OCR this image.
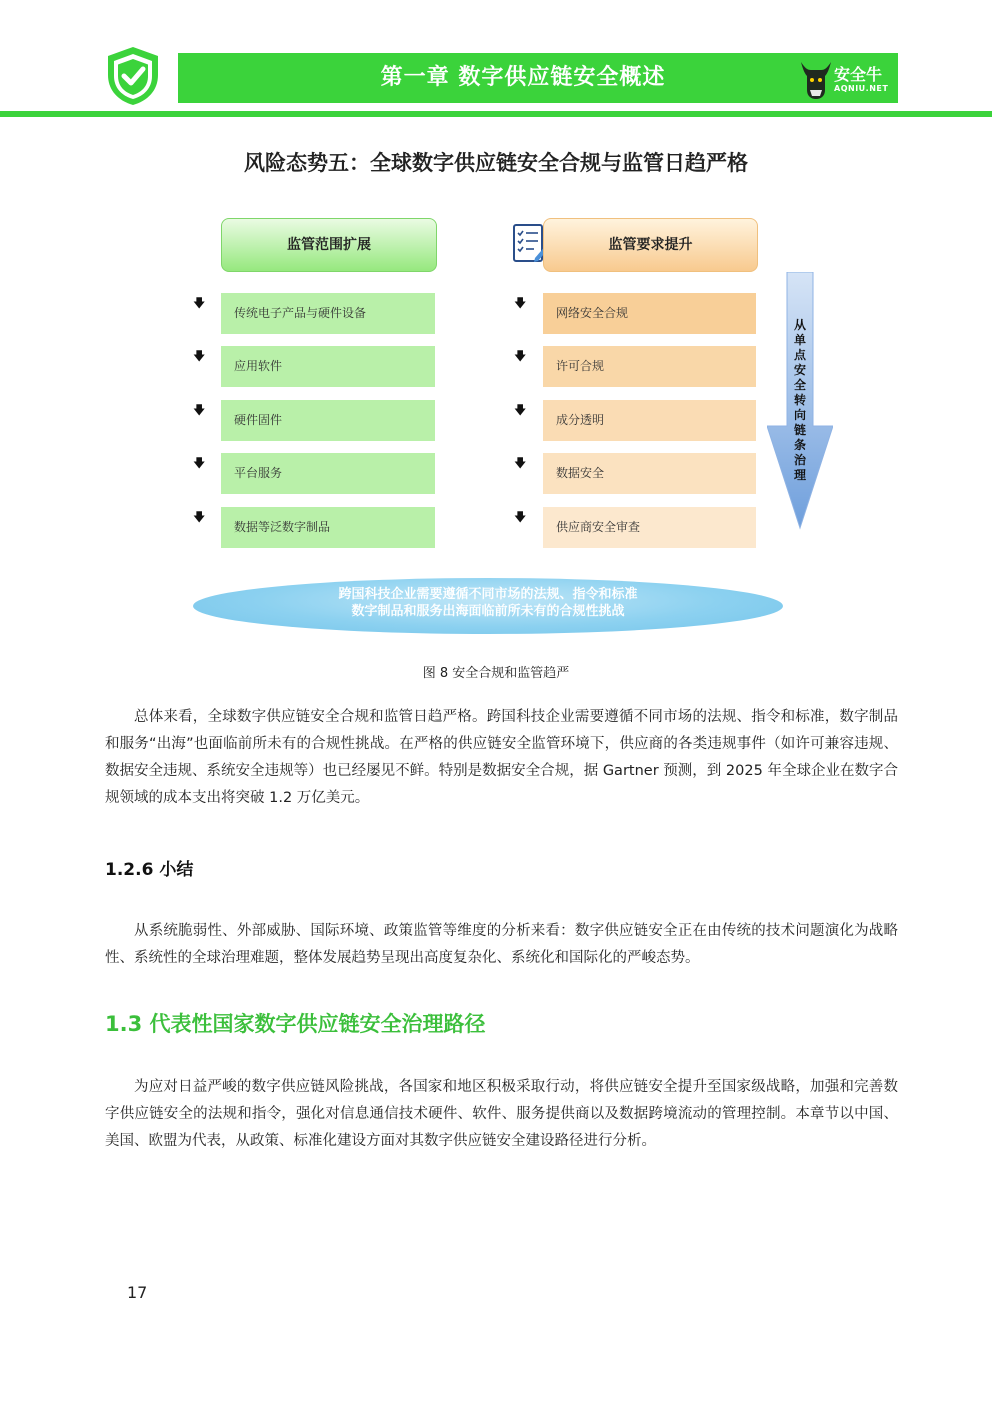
第一章 数字供应链安全概述	安全牛
AQNIU.NET
风险态势五：全球数字供应链安全合规与监管日趋严格
监管范围扩展	监管要求提升
🡇
传统电子产品与硬件设备
🡇
应用软件
🡇
硬件固件
🡇
平台服务
🡇
数据等泛数字制品
🡇
网络安全合规
🡇
许可合规
🡇
成分透明
🡇
数据安全
🡇
供应商安全审查
从单点安全转向链条治理
跨国科技企业需要遵循不同市场的法规、指令和标准
数字制品和服务出海面临前所未有的合规性挑战
图 8 安全合规和监管趋严

总体来看，全球数字供应链安全合规和监管日趋严格。跨国科技企业需要遵循不同市场的法规、指令和标准，数字制品和服务“出海”也面临前所未有的合规性挑战。在严格的供应链安全监管环境下，供应商的各类违规事件（如许可兼容违规、数据安全违规、系统安全违规等）也已经屡见不鲜。特别是数据安全合规，据 Gartner 预测，到 2025 年全球企业在数字合规领域的成本支出将突破 1.2 万亿美元。

1.2.6 小结

从系统脆弱性、外部威胁、国际环境、政策监管等维度的分析来看：数字供应链安全正在由传统的技术问题演化为战略性、系统性的全球治理难题，整体发展趋势呈现出高度复杂化、系统化和国际化的严峻态势。

1.3 代表性国家数字供应链安全治理路径

为应对日益严峻的数字供应链风险挑战，各国家和地区积极采取行动，将供应链安全提升至国家级战略，加强和完善数字供应链安全的法规和指令，强化对信息通信技术硬件、软件、服务提供商以及数据跨境流动的管理控制。本章节以中国、美国、欧盟为代表，从政策、标准化建设方面对其数字供应链安全建设路径进行分析。

17
